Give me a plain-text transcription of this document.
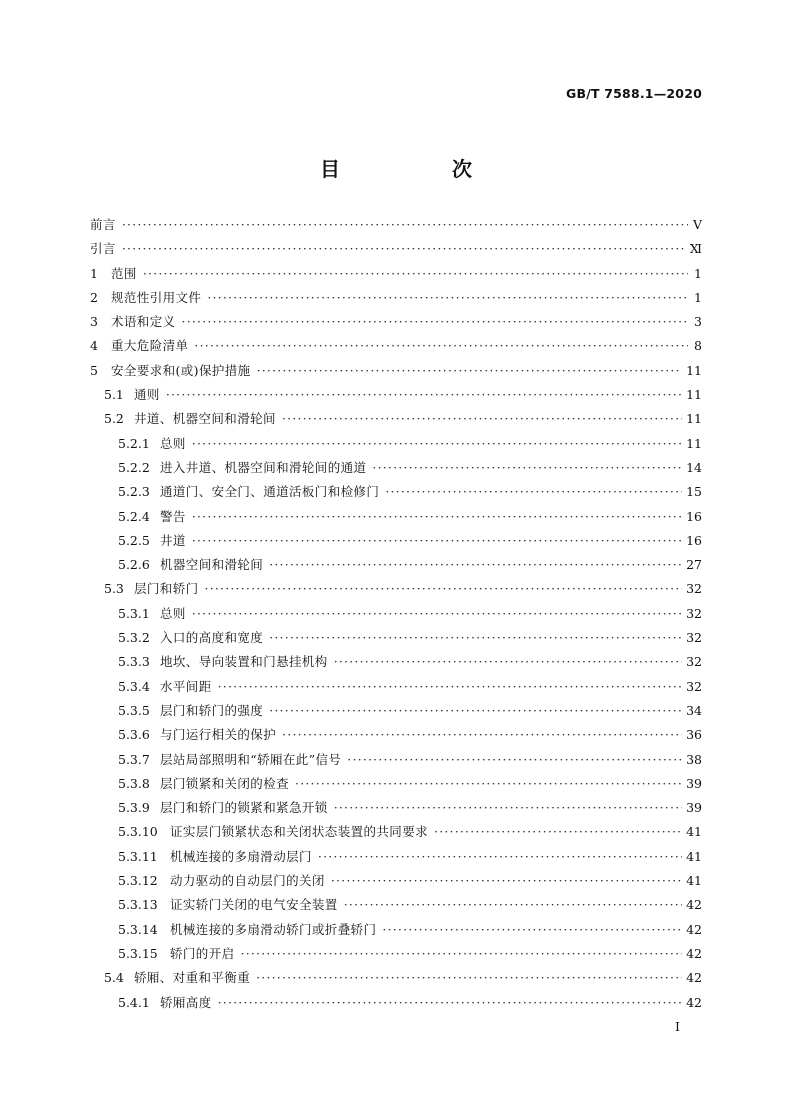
GB/T 7588.1—2020
目　次
前言 ·····	Ⅴ
引言 ·····	Ⅺ
1	范围 ·····	1
2	规范性引用文件 ·····	1
3	术语和定义 ·····	3
4	重大危险清单 ·····	8
5	安全要求和(或)保护措施 ·····	11
5.1 通则 ·····	11
5.2 井道、机器空间和滑轮间 ·····	11
5.2.1 总则 ·····	11
5.2.2 进入井道、机器空间和滑轮间的通道 ·····	14
5.2.3 通道门、安全门、通道活板门和检修门 ·····	15
5.2.4 警告 ·····	16
5.2.5 井道 ·····	16
5.2.6 机器空间和滑轮间 ·····	27
5.3 层门和轿门 ·····	32
5.3.1 总则 ·····	32
5.3.2 入口的高度和宽度 ·····	32
5.3.3 地坎、导向装置和门悬挂机构 ·····	32
5.3.4 水平间距 ·····	32
5.3.5 层门和轿门的强度 ·····	34
5.3.6 与门运行相关的保护 ·····	36
5.3.7 层站局部照明和“轿厢在此”信号 ·····	38
5.3.8 层门锁紧和关闭的检查 ·····	39
5.3.9 层门和轿门的锁紧和紧急开锁 ·····	39
5.3.10 证实层门锁紧状态和关闭状态装置的共同要求 ·····	41
5.3.11 机械连接的多扇滑动层门 ·····	41
5.3.12 动力驱动的自动层门的关闭 ·····	41
5.3.13 证实轿门关闭的电气安全装置 ·····	42
5.3.14 机械连接的多扇滑动轿门或折叠轿门 ·····	42
5.3.15 轿门的开启 ·····	42
5.4 轿厢、对重和平衡重 ·····	42
5.4.1 轿厢高度 ·····	42
Ⅰ
